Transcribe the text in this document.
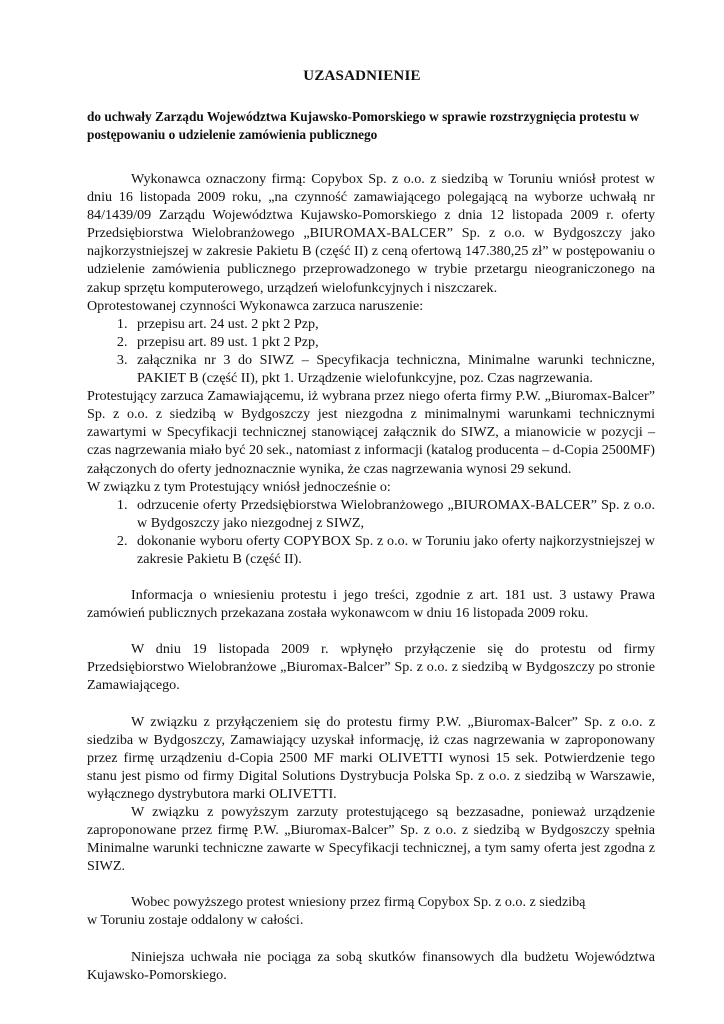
UZASADNIENIE
do uchwały Zarządu Województwa Kujawsko-Pomorskiego w sprawie rozstrzygnięcia protestu w postępowaniu o udzielenie zamówienia publicznego

Wykonawca oznaczony firmą: Copybox Sp. z o.o. z siedzibą w Toruniu wniósł protest w dniu 16 listopada 2009 roku, „na czynność zamawiającego polegającą na wyborze uchwałą nr 84/1439/09 Zarządu Województwa Kujawsko-Pomorskiego z dnia 12 listopada 2009 r. oferty Przedsiębiorstwa Wielobranżowego „BIUROMAX-BALCER” Sp. z o.o. w Bydgoszczy jako najkorzystniejszej w zakresie Pakietu B (część II) z ceną ofertową 147.380,25 zł” w postępowaniu o udzielenie zamówienia publicznego przeprowadzonego w trybie przetargu nieograniczonego na zakup sprzętu komputerowego, urządzeń wielofunkcyjnych i niszczarek.

Oprotestowanej czynności Wykonawca zarzuca naruszenie:

1. przepisu art. 24 ust. 2 pkt 2 Pzp,
2. przepisu art. 89 ust. 1 pkt 2 Pzp,
3. załącznika nr 3 do SIWZ – Specyfikacja techniczna, Minimalne warunki techniczne, PAKIET B (część II), pkt 1. Urządzenie wielofunkcyjne, poz. Czas nagrzewania.

Protestujący zarzuca Zamawiającemu, iż wybrana przez niego oferta firmy P.W. „Biuromax-Balcer” Sp. z o.o. z siedzibą w Bydgoszczy jest niezgodna z minimalnymi warunkami technicznymi zawartymi w Specyfikacji technicznej stanowiącej załącznik do SIWZ, a mianowicie w pozycji – czas nagrzewania miało być 20 sek., natomiast z informacji (katalog producenta – d-Copia 2500MF) załączonych do oferty jednoznacznie wynika, że czas nagrzewania wynosi 29 sekund.

W związku z tym Protestujący wniósł jednocześnie o:

1. odrzucenie oferty Przedsiębiorstwa Wielobranżowego „BIUROMAX-BALCER” Sp. z o.o. w Bydgoszczy jako niezgodnej z SIWZ,
2. dokonanie wyboru oferty COPYBOX Sp. z o.o. w Toruniu jako oferty najkorzystniejszej w zakresie Pakietu B (część II).

Informacja o wniesieniu protestu i jego treści, zgodnie z art. 181 ust. 3 ustawy Prawa zamówień publicznych przekazana została wykonawcom w dniu 16 listopada 2009 roku.

W dniu 19 listopada 2009 r. wpłynęło przyłączenie się do protestu od firmy Przedsiębiorstwo Wielobranżowe „Biuromax-Balcer” Sp. z o.o. z siedzibą w Bydgoszczy po stronie Zamawiającego.

W związku z przyłączeniem się do protestu firmy P.W. „Biuromax-Balcer” Sp. z o.o. z siedziba w Bydgoszczy, Zamawiający uzyskał informację, iż czas nagrzewania w zaproponowany przez firmę urządzeniu d-Copia 2500 MF marki OLIVETTI wynosi 15 sek. Potwierdzenie tego stanu jest pismo od firmy Digital Solutions Dystrybucja Polska Sp. z o.o. z siedzibą w Warszawie, wyłącznego dystrybutora marki OLIVETTI.

W związku z powyższym zarzuty protestującego są bezzasadne, ponieważ urządzenie zaproponowane przez firmę P.W. „Biuromax-Balcer” Sp. z o.o. z siedzibą w Bydgoszczy spełnia Minimalne warunki techniczne zawarte w Specyfikacji technicznej, a tym samy oferta jest zgodna z SIWZ.

Wobec powyższego protest wniesiony przez firmą Copybox Sp. z o.o. z siedzibą

w Toruniu zostaje oddalony w całości.

Niniejsza uchwała nie pociąga za sobą skutków finansowych dla budżetu Województwa Kujawsko-Pomorskiego.
